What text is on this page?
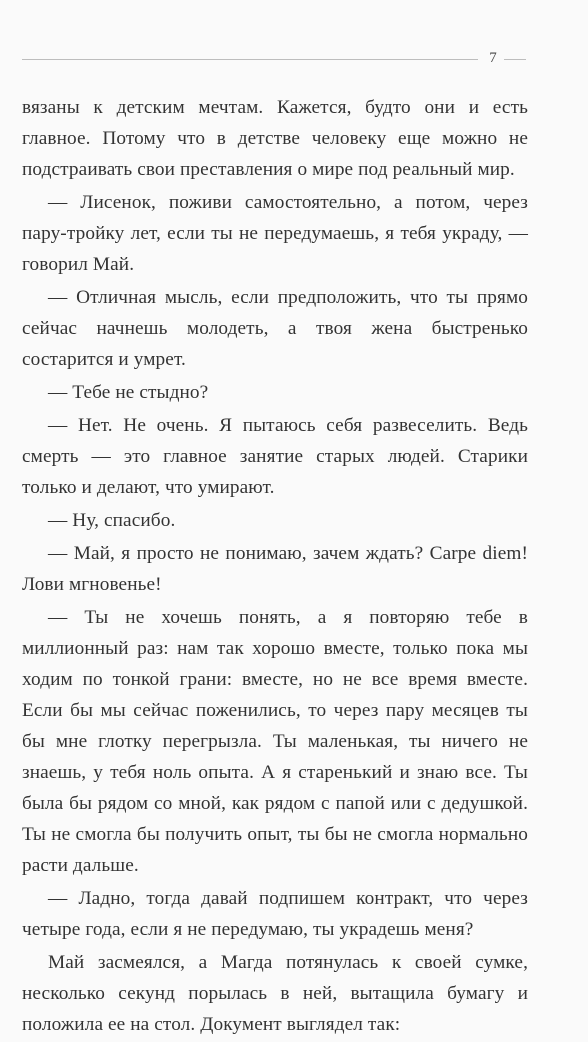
7

вязаны к детским мечтам. Кажется, будто они и есть главное. Потому что в детстве человеку еще можно не подстраивать свои преставления о мире под реальный мир.

— Лисенок, поживи самостоятельно, а потом, через пару-тройку лет, если ты не передумаешь, я тебя украду, — говорил Май.

— Отличная мысль, если предположить, что ты прямо сейчас начнешь молодеть, а твоя жена быстренько состарится и умрет.

— Тебе не стыдно?

— Нет. Не очень. Я пытаюсь себя развеселить. Ведь смерть — это главное занятие старых людей. Старики только и делают, что умирают.

— Ну, спасибо.

— Май, я просто не понимаю, зачем ждать? Carpe diem! Лови мгновенье!

— Ты не хочешь понять, а я повторяю тебе в миллионный раз: нам так хорошо вместе, только пока мы ходим по тонкой грани: вместе, но не все время вместе. Если бы мы сейчас поженились, то через пару месяцев ты бы мне глотку перегрызла. Ты маленькая, ты ничего не знаешь, у тебя ноль опыта. А я старенький и знаю все. Ты была бы рядом со мной, как рядом с папой или с дедушкой. Ты не смогла бы получить опыт, ты бы не смогла нормально расти дальше.

— Ладно, тогда давай подпишем контракт, что через четыре года, если я не передумаю, ты украдешь меня?

Май засмеялся, а Магда потянулась к своей сумке, несколько секунд порылась в ней, вытащила бумагу и положила ее на стол. Документ выглядел так:
